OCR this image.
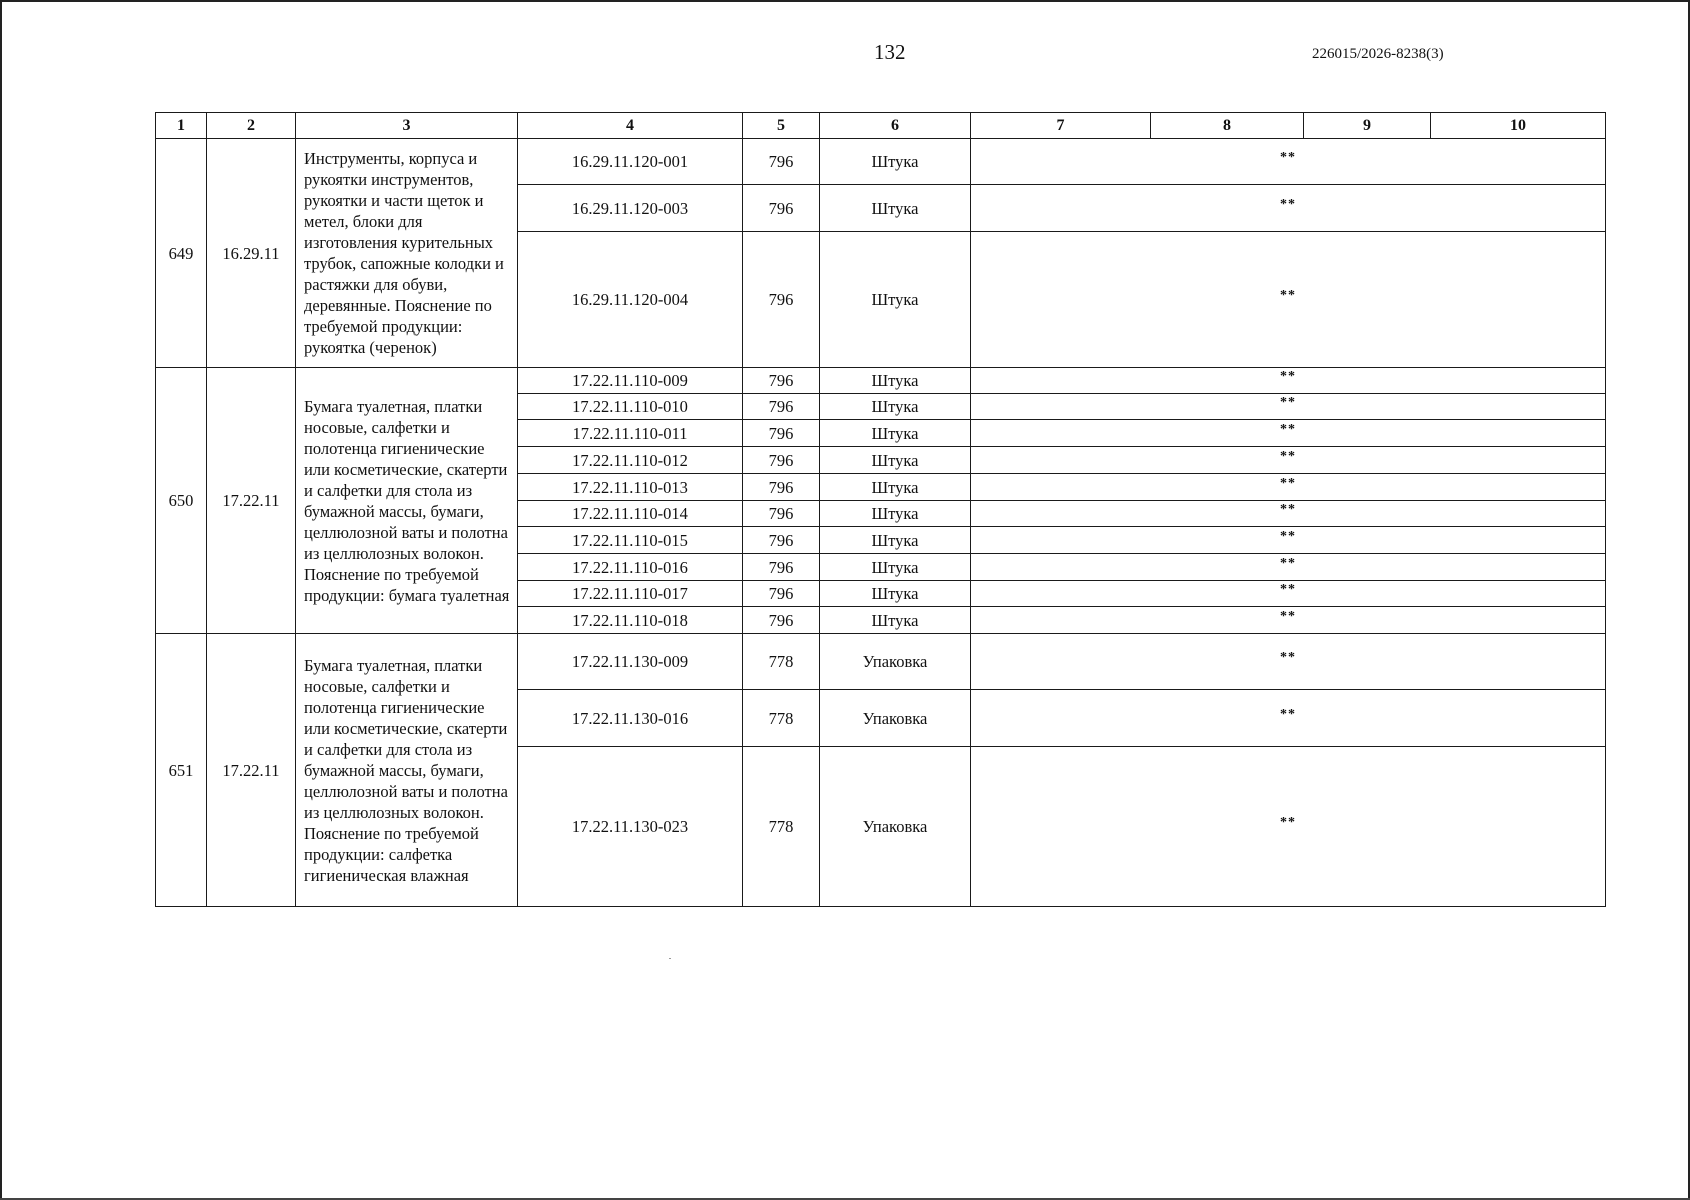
132	226015/2026-8238(3)
1	2	3	4	5	6	7	8	9	10
649	16.29.11	Инструменты, корпуса и рукоятки инструментов, рукоятки и части щеток и метел, блоки для изготовления курительных трубок, сапожные колодки и растяжки для обуви, деревянные. Пояснение по требуемой продукции: рукоятка (черенок)	16.29.11.120-001	796	Штука	**			
			16.29.11.120-003	796	Штука	**			
			16.29.11.120-004	796	Штука	**			
650	17.22.11	Бумага туалетная, платки носовые, салфетки и полотенца гигиенические или косметические, скатерти и салфетки для стола из бумажной массы, бумаги, целлюлозной ваты и полотна из целлюлозных волокон. Пояснение по требуемой продукции: бумага туалетная	17.22.11.110-009	796	Штука	**			
			17.22.11.110-010	796	Штука	**			
			17.22.11.110-011	796	Штука	**			
			17.22.11.110-012	796	Штука	**			
			17.22.11.110-013	796	Штука	**			
			17.22.11.110-014	796	Штука	**			
			17.22.11.110-015	796	Штука	**			
			17.22.11.110-016	796	Штука	**			
			17.22.11.110-017	796	Штука	**			
			17.22.11.110-018	796	Штука	**			
651	17.22.11	Бумага туалетная, платки носовые, салфетки и полотенца гигиенические или косметические, скатерти и салфетки для стола из бумажной массы, бумаги, целлюлозной ваты и полотна из целлюлозных волокон. Пояснение по требуемой продукции: салфетка гигиеническая влажная	17.22.11.130-009	778	Упаковка	**			
			17.22.11.130-016	778	Упаковка	**			
			17.22.11.130-023	778	Упаковка	**			
